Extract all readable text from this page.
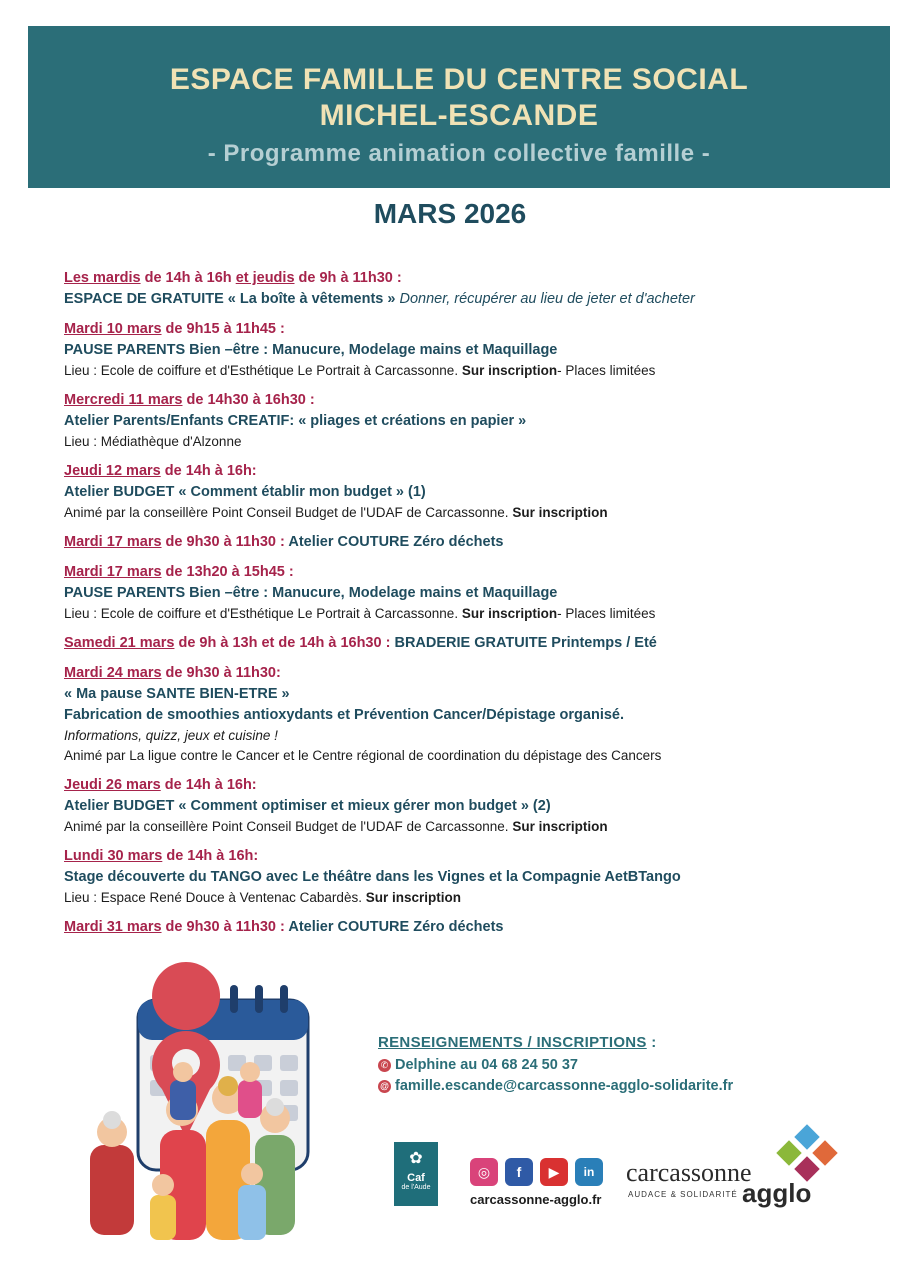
ESPACE FAMILLE DU CENTRE SOCIAL
MICHEL-ESCANDE
- Programme animation collective famille -
MARS 2026
Les mardis de 14h à 16h et jeudis de 9h à 11h30 :
ESPACE DE GRATUITE « La boîte à vêtements » Donner, récupérer au lieu de jeter et d'acheter
Mardi 10 mars de 9h15 à 11h45 :
PAUSE PARENTS Bien –être : Manucure, Modelage mains et Maquillage
Lieu : Ecole de coiffure et d'Esthétique Le Portrait à Carcassonne. Sur inscription- Places limitées
Mercredi 11 mars de 14h30 à 16h30 :
Atelier Parents/Enfants CREATIF: « pliages et créations en papier »
Lieu : Médiathèque d'Alzonne
Jeudi 12 mars de 14h à 16h:
Atelier BUDGET « Comment établir mon budget » (1)
Animé par la conseillère Point Conseil Budget de l'UDAF de Carcassonne. Sur inscription
Mardi 17 mars de 9h30 à 11h30 : Atelier COUTURE Zéro déchets
Mardi 17 mars de 13h20 à 15h45 :
PAUSE PARENTS Bien –être : Manucure, Modelage mains et Maquillage
Lieu : Ecole de coiffure et d'Esthétique Le Portrait à Carcassonne. Sur inscription- Places limitées
Samedi 21 mars de 9h à 13h et de 14h à 16h30 : BRADERIE GRATUITE Printemps / Eté
Mardi 24 mars de 9h30 à 11h30:
« Ma pause SANTE BIEN-ETRE »
Fabrication de smoothies antioxydants et Prévention Cancer/Dépistage organisé.
Informations, quizz, jeux et cuisine !
Animé par La ligue contre le Cancer et le Centre régional de coordination du dépistage des Cancers
Jeudi 26 mars de 14h à 16h:
Atelier BUDGET « Comment optimiser et mieux gérer mon budget » (2)
Animé par la conseillère Point Conseil Budget de l'UDAF de Carcassonne. Sur inscription
Lundi 30 mars de 14h à 16h:
Stage découverte du TANGO avec Le théâtre dans les Vignes et la Compagnie AetBTango
Lieu : Espace René Douce à Ventenac Cabardès. Sur inscription
Mardi 31 mars de 9h30 à 11h30 : Atelier COUTURE Zéro déchets
RENSEIGNEMENTS / INSCRIPTIONS :
✆ Delphine au 04 68 24 50 37
@ famille.escande@carcassonne-agglo-solidarite.fr
✿
Caf
de l'Aude
◎	f	▶	in
carcassonne-agglo.fr
carcassonne
agglo
AUDACE & SOLIDARITÉ
